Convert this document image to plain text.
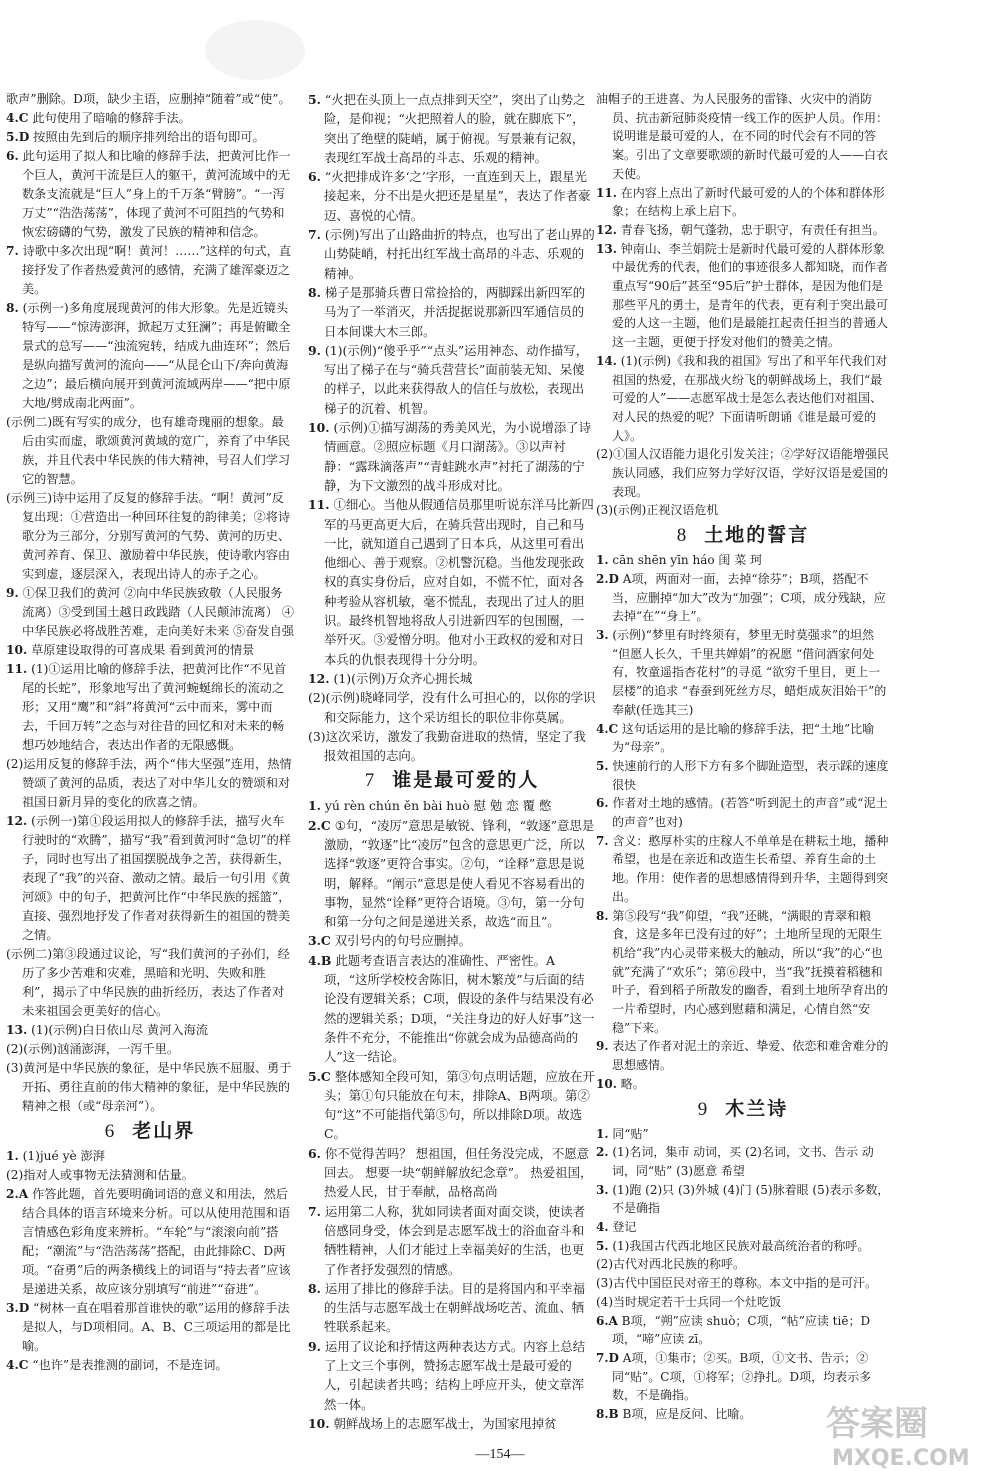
歌声”删除。D项，缺少主语，应删掉“随着”或“使”。

4.C 此句使用了暗喻的修辞手法。

5.D 按照由先到后的顺序排列给出的语句即可。

6. 此句运用了拟人和比喻的修辞手法，把黄河比作一个巨人，黄河干流是巨人的躯干，黄河流域中的无数条支流就是“巨人”身上的千万条“臂膀”。“一泻万丈”“浩浩荡荡”，体现了黄河不可阻挡的气势和恢宏磅礴的气势，激发了民族的精神和信念。

7. 诗歌中多次出现“啊！黄河！……”这样的句式，直接抒发了作者热爱黄河的感情，充满了雄浑豪迈之美。

8. (示例一)多角度展现黄河的伟大形象。先是近镜头特写——“惊涛澎湃，掀起万丈狂澜”；再是俯瞰全景式的总写——“浊流宛转，结成九曲连环”；然后是纵向描写黄河的流向——“从昆仑山下/奔向黄海之边”；最后横向展开到黄河流域两岸——“把中原大地/劈成南北两面”。

(示例二)既有写实的成分，也有雄奇瑰丽的想象。最后由实而虚，歌颂黄河黄域的宽广，养育了中华民族，并且代表中华民族的伟大精神，号召人们学习它的智慧。

(示例三)诗中运用了反复的修辞手法。“啊！黄河”反复出现：①营造出一种回环往复的韵律美；②将诗歌分为三部分，分别写黄河的气势、黄河的历史、黄河养育、保卫、激励着中华民族，使诗歌内容由实到虚，逐层深入，表现出诗人的赤子之心。

9. ①保卫我们的黄河 ②向中华民族致敬（人民服务流离）③受到国土越日政践踏（人民颠沛流离） ④中华民族必将战胜苦难，走向美好未来 ⑤奋发自强

10. 草原建设取得的可喜成果 看到黄河的情景

11. (1)①运用比喻的修辞手法，把黄河比作“不见首尾的长蛇”，形象地写出了黄河蜿蜒绵长的流动之形；又用“鹰”和“斜”将黄河“云中而来，雾中而去，千回万转”之态与对往昔的回忆和对未来的畅想巧妙地结合，表达出作者的无限感慨。

(2)运用反复的修辞手法，两个“伟大坚强”连用，热情赞颂了黄河的品质，表达了对中华儿女的赞颂和对祖国日新月异的变化的欣喜之情。

12. (示例一)第①段运用拟人的修辞手法，描写火车行驶时的“欢腾”，描写“我”看到黄河时“急切”的样子，同时也写出了祖国摆脱战争之苦，获得新生，表现了“我”的兴奋、激动之情。最后一句引用《黄河颂》中的句子，把黄河比作“中华民族的摇篮”，直接、强烈地抒发了作者对获得新生的祖国的赞美之情。

(示例二)第③段通过议论，写“我们黄河的子孙们，经历了多少苦难和灾难，黑暗和光明、失败和胜利”，揭示了中华民族的曲折经历，表达了作者对未来祖国会更美好的信心。

13. (1)(示例)白日依山尽 黄河入海流

(2)(示例)汹涌澎湃，一泻千里。

(3)黄河是中华民族的象征，是中华民族不屈服、勇于开拓、勇往直前的伟大精神的象征，是中华民族的精神之根（或“母亲河”）。

6 老山界

1. (1)jué yè 澎湃

(2)指对人或事物无法猜测和估量。

2.A 作答此题，首先要明确词语的意义和用法，然后结合具体的语言环境来分析。可以从使用范围和语言情感色彩角度来辨析。“车轮”与“滚滚向前”搭配；“潮流”与“浩浩荡荡”搭配，由此排除C、D两项。“奋勇”后的两条横线上的词语与“持去者”应该是递进关系，故应该分别填写“前进”“奋进”。

3.D “树林一直在唱着那首谁快的歌”运用的修辞手法是拟人，与D项相同。A、B、C三项运用的都是比喻。

4.C “也许”是表推测的副词，不是连词。

5. “火把在头顶上一点点排到天空”，突出了山势之险，是仰视；“火把照着人的脸，就在脚底下”，突出了绝壁的陡峭，属于俯视。写景兼有记叙，表现红军战士高昂的斗志、乐观的精神。

6. “火把排成许多‘之’字形，一直连到天上，跟星光接起来，分不出是火把还是星星”，表达了作者豪迈、喜悦的心情。

7. (示例)写出了山路曲折的特点，也写出了老山界的山势陡峭，村托出红军战士高昂的斗志、乐观的精神。

8. 梯子是那骑兵曹日常捡拾的，两脚踩出新四军的马为了一举消灭，并活捉据说那新四军通信员的日本间谍大木三郎。

9. (1)(示例)“傻乎乎”“点头”运用神态、动作描写，写出了梯子在与“骑兵营营长”面前装无知、呆傻的样子，以此来获得敌人的信任与放松，表现出梯子的沉着、机智。

10. (示例)①描写湖荡的秀美风光，为小说增添了诗情画意。②照应标题《月口湖荡》。③以声衬静：“露珠滴落声”“青蛙跳水声”衬托了湖荡的宁静，为下文激烈的战斗形成对比。

11. ①细心。当他从假通信员那里听说东洋马比新四军的马更高更大后，在骑兵营出现时，自己和马一比，就知道自己遇到了日本兵，从这里可看出他细心、善于观察。②机警沉稳。当他发现张政权的真实身份后，应对自如，不慌不忙，面对各种考验从容机敏，毫不慌乱，表现出了过人的胆识。最终机智地将敌人引进新四军的包围圈，一举歼灭。③爱憎分明。他对小王政权的爱和对日本兵的仇恨表现得十分分明。

12. (1)(示例)万众齐心拥长城

(2)(示例)晓峰同学，没有什么可担心的，以你的学识和交际能力，这个采访组长的职位非你莫属。

(3)这次采访，激发了我勤奋进取的热情，坚定了我报效祖国的志向。

7 谁是最可爱的人

1. yú rèn chún ěn bài huò 慰 勉 恋 覆 憋

2.C ①句，“凌厉”意思是敏锐、锋利，“敦逐”意思是激励，“敦逐”比“凌厉”包含的意思更广泛，所以选择“敦逐”更符合事实。②句，“诠释”意思是说明，解释。“阐示”意思是使人看见不容易看出的事物，显然“诠释”更符合语境。③句，第一分句和第一分句之间是递进关系，故选“而且”。

3.C 双引号内的句号应删掉。

4.B 此题考查语言表达的准确性、严密性。A项，“这所学校校舍陈旧，树木繁茂”与后面的结论没有逻辑关系；C项，假设的条件与结果没有必然的逻辑关系；D项，“关注身边的好人好事”这一条件不充分，不能推出“你就会成为品德高尚的人”这一结论。

5.C 整体感知全段可知，第③句点明话题，应放在开头；第①句只能放在句末，排除A、B两项。第②句“这”不可能指代第⑤句，所以排除D项。故选C。

6. 你不觉得苦吗？ 想祖国，但任务没完成，不愿意回去。 想要一块“朝鲜解放纪念章”。 热爱祖国，热爱人民，甘于奉献，品格高尚

7. 运用第二人称，犹如同读者面对面交谈，使读者倍感同身受，体会到是志愿军战士的浴血奋斗和牺牲精神，人们才能过上幸福美好的生活，也更了作者抒发强烈的情感。

8. 运用了排比的修辞手法。目的是将国内和平幸福的生活与志愿军战士在朝鲜战场吃苦、流血、牺牲联系起来。

9. 运用了议论和抒情这两种表达方式。内容上总结了上文三个事例，赞扬志愿军战士是最可爱的人，引起读者共鸣；结构上呼应开头，使文章浑然一体。

10. 朝鲜战场上的志愿军战士，为国家甩掉贫

油帽子的王进喜、为人民服务的雷锋、火灾中的消防员、抗击新冠肺炎疫情一线工作的医护人员。作用：说明谁是最可爱的人，在不同的时代会有不同的答案。引出了文章要歌颂的新时代最可爱的人——白衣天使。

11. 在内容上点出了新时代最可爱的人的个体和群体形象；在结构上承上启下。

12. 青春飞扬，朝气蓬勃，忠于职守，有责任有担当。

13. 钟南山、李兰娟院士是新时代最可爱的人群体形象中最优秀的代表，他们的事迹很多人都知晓，而作者重点写“90后”甚至“95后”护士群体，是因为他们是那些平凡的勇士，是青年的代表，更有利于突出最可爱的人这一主题，他们是最能扛起责任担当的普通人这一主题，更便于抒发对他们的赞美之情。

14. (1)(示例)《我和我的祖国》写出了和平年代我们对祖国的热爱，在那战火纷飞的朝鲜战场上，我们“最可爱的人”——志愿军战士是怎么表达他们对祖国、对人民的热爱的呢？下面请听朗诵《谁是最可爱的人》。

(2)①国人汉语能力退化引发关注；②学好汉语能增强民族认同感，我们应努力学好汉语，学好汉语是爱国的表现。

(3)(示例)正视汉语危机

8 土地的誓言

1. cān shēn yīn háo 闺 菜 珂

2.D A项，两面对一面，去掉“徐芬”；B项，搭配不当，应删掉“加大”改为“加强”；C项，成分残缺，应去掉“在”“身上”。

3. (示例)“梦里有时终须有，梦里无时莫强求”的坦然 “但愿人长久，千里共婵娟”的祝愿 “借问酒家何处有，牧童遥指杏花村”的寻觅 “欲穷千里目，更上一层楼”的追求 “春蚕到死丝方尽，蜡炬成灰泪始干”的奉献(任选其三)

4.C 这句话运用的是比喻的修辞手法，把“土地”比喻为“母亲”。

5. 快速前行的人形下方有多个脚趾造型，表示踩的速度很快

6. 作者对土地的感情。(若答“听到泥土的声音”或“泥土的声音”也对)

7. 含义：憨厚朴实的庄稼人不单单是在耕耘土地，播种希望，也是在亲近和改造生长希望、养育生命的土地。作用：使作者的思想感情得到升华，主题得到突出。

8. 第⑤段写“我”仰望，“我”还眺，“满眼的青翠和粮食，这是多年已没有过的好”；土地所呈现的无限生机给“我”内心灵带来极大的触动，所以“我”的心“也就”充满了“欢乐”；第⑥段中，当“我”抚摸着稻穗和叶子，看到稻子所散发的幽香，看到土地所孕育出的一片希望时，内心感到慰藉和满足，心情自然“安稳”下来。

9. 表达了作者对泥土的亲近、挚爱、依恋和难舍难分的思想感情。

10. 略。

9 木兰诗

1. 同“贴”

2. (1)名词，集市 动词，买 (2)名词，文书、告示 动词，同“贴” (3)愿意 希望

3. (1)跑 (2)只 (3)外城 (4)门 (5)脉着眼 (5)表示多数，不是确指

4. 登记

5. (1)我国古代西北地区民族对最高统治者的称呼。

(2)古代对西北民族的称呼。

(3)古代中国臣民对帝王的尊称。本文中指的是可汗。

(4)当时规定若干士兵同一个灶吃饭

6.A B项，“朔”应读 shuò；C项，“帖”应读 tiē；D项，“啼”应读 zī。

7.D A项，①集市；②买。B项，①文书、告示；②同“贴”。C项，①将军；②挣扎。D项，均表示多数，不是确指。

8.B B项，应是反问、比喻。

—154—
答案圈
MXQE.COM
